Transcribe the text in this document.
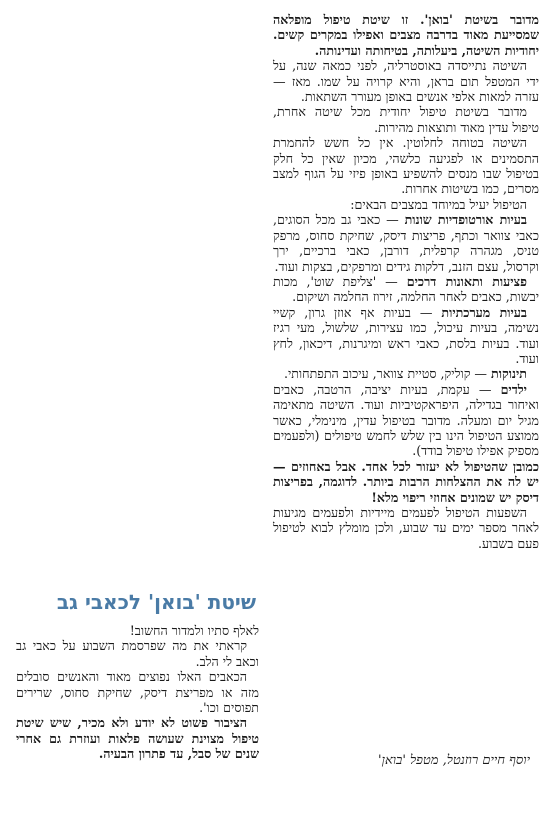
מדובר בשיטת 'בואן'. זו שיטת טיפול מופלאה שמסייעת מאוד בדרבה מצבים ואפילו במקרים קשים. יחודיות השיטה, ביעלותה, בטיחותה ועדינותה.

השיטה נתייסדה באוסטרליה, לפני כמאה שנה, על ידי המטפל תום בראן, והיא קרויה על שמו. מאז — עזרה למאות אלפי אנשים באופן מעורר השתאות.

מדובר בשיטת טיפול יחודית מכל שיטה אחרת, טיפול עדין מאוד ותוצאות מהירות.

השיטה בטוחה לחלוטין. אין כל חשש להחמרת התסמינים או לפגיעה כלשהי, מכיון שאין כל חלק בטיפול שבו מנסים להשפיע באופן פיזי על הגוף למצב מסרים, כמו בשיטות אחרות.

הטיפול יעיל במיוחד במצבים הבאים:

בעיות אורטופדיות שונות — כאבי גב מכל הסוגים, כאבי צוואר וכתף, פריצות דיסק, שחיקת סחוס, מרפק טניס, מגהרה קרפלית, דורבן, כאבי ברכיים, ירך וקרסול, עצם הזנב, דלקות גידים ומרפקים, בצקות ועוד.

פציעות ותאונות דרכים — 'צליפת שוט', מכות יבשות, כאבים לאחר החלמה, זירוז החלמה ושיקום.

בעיות מערכתיות — בעיות אף אוזן גרון, קשיי נשימה, בעיות עיכול, כמו עצירות, שלשול, מעי רגיז ועוד. בעיות בלסת, כאבי ראש ומיגרנות, דיכאון, לחץ ועוד.

תינוקות — קוליק, סטיית צוואר, עיכוב התפתחותי.

ילדים — עקמת, בעיות יציבה, הרטבה, כאבים ואיחור בגדילה, היפראקטיביות ועוד. השיטה מתאימה מגיל יום ומעלה. מדובר בטיפול עדין, מינימלי, כאשר ממוצע הטיפול הינו בין שלש לחמש טיפולים (ולפעמים מספיק אפילו טיפול בודד).

כמובן שהטיפול לא יעזור לכל אחד. אבל באחוזים — יש לה את ההצלחות הרבות ביותר. לדוגמה, בפריצות דיסק יש שמונים אחוזי ריפוי מלא!

השפעות הטיפול לפעמים מיידיות ולפעמים מגיעות לאחר מספר ימים עד שבוע, ולכן מומלץ לבוא לטיפול פעם בשבוע.

שיטת 'בואן' לכאבי גב

לאלף סתיו ולמדור החשוב!

קראתי את מה שפרסמת השבוע על כאבי גב וכאב לי הלב.

הכאבים האלו נפוצים מאוד והאנשים סובלים מזה או מפריצת דיסק, שחיקת סחוס, שרירים תפוסים וכו'.

הציבור פשוט לא יודע ולא מכיר, שיש שיטת טיפול מצוינת שעושה פלאות ועוזרת גם אחרי שנים של סבל, עד פתרון הבעיה.	יוסף חיים רוזנטל, מטפל 'בואן'
